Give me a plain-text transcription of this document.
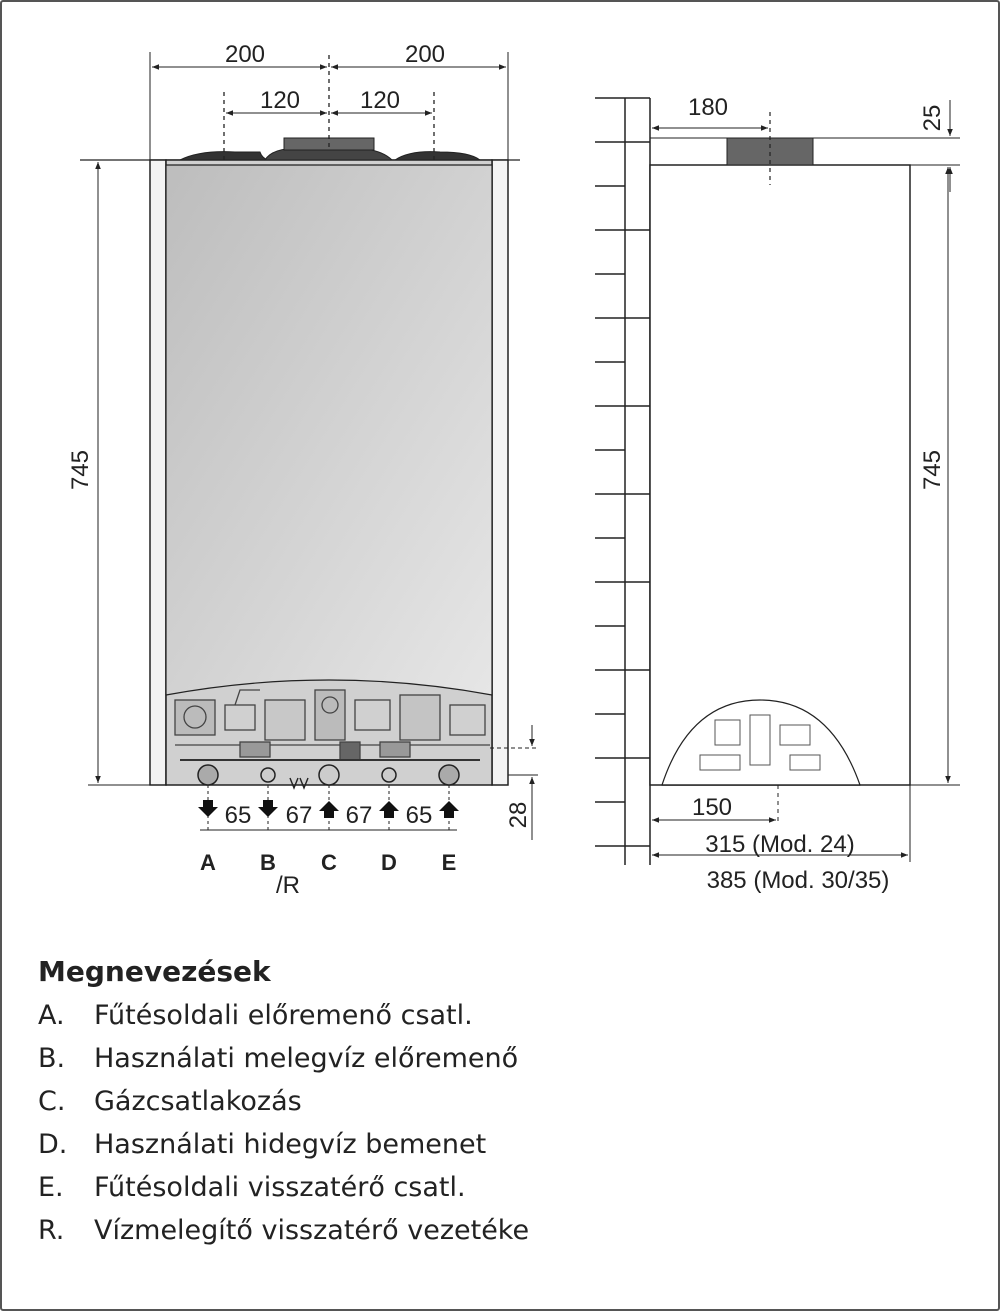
200	200
120 120
745
28
65 67 67 65
A B C D E
/R
180	25
745
150
315 (Mod. 24)
385 (Mod. 30/35)
Megnevezések
A. Fűtésoldali előremenő csatl.
B. Használati melegvíz előremenő
C. Gázcsatlakozás
D. Használati hidegvíz bemenet
E. Fűtésoldali visszatérő csatl.
R. Vízmelegítő visszatérő vezetéke
